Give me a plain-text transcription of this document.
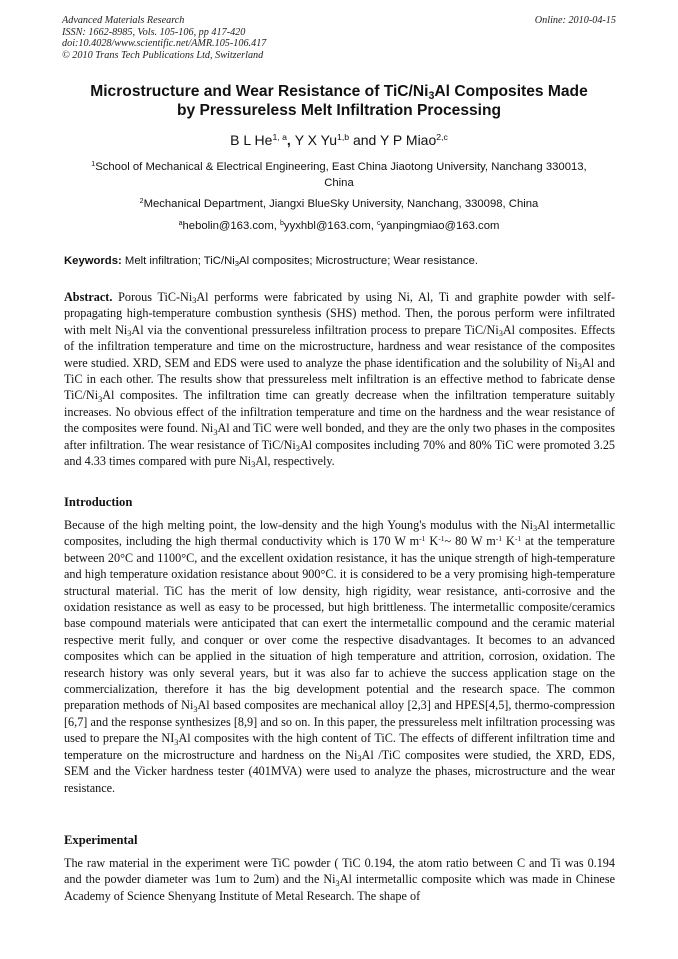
Advanced Materials Research
ISSN: 1662-8985, Vols. 105-106, pp 417-420
doi:10.4028/www.scientific.net/AMR.105-106.417
© 2010 Trans Tech Publications Ltd, Switzerland
Online: 2010-04-15
Microstructure and Wear Resistance of TiC/$Ni_3Al$ Composites Made
by Pressureless Melt Infiltration Processing
B L He$^{1, a}$, Y X Yu$^{1,b}$ and Y P Miao$^{2,c}$
$^1$School of Mechanical & Electrical Engineering, East China Jiaotong University, Nanchang 330013,
China
$^2$Mechanical Department, Jiangxi BlueSky University, Nanchang, 330098, China
$^a$hebolin@163.com, $^b$yyxhbl@163.com, $^c$yanpingmiao@163.com
Keywords: Melt infiltration; TiC/$Ni_3Al$ composites; Microstructure; Wear resistance.
Abstract. Porous TiC-$Ni_3Al$ performs were fabricated by using Ni, Al, Ti and graphite powder with self-propagating high-temperature combustion synthesis (SHS) method. Then, the porous perform were infiltrated with melt $Ni_3Al$ via the conventional pressureless infiltration process to prepare TiC/$Ni_3Al$ composites. Effects of the infiltration temperature and time on the microstructure, hardness and wear resistance of the composites were studied. XRD, SEM and EDS were used to analyze the phase identification and the solubility of $Ni_3Al$ and TiC in each other. The results show that pressureless melt infiltration is an effective method to fabricate dense TiC/$Ni_3Al$ composites. The infiltration time can greatly decrease when the infiltration temperature suitably increases. No obvious effect of the infiltration temperature and time on the hardness and the wear resistance of the composites were found. $Ni_3Al$ and TiC were well bonded, and they are the only two phases in the composites after infiltration. The wear resistance of TiC/$Ni_3Al$ composites including 70% and 80% TiC were promoted 3.25 and 4.33 times compared with pure $Ni_3Al$, respectively.
Introduction
Because of the high melting point, the low-density and the high Young's modulus with the $Ni_3Al$ intermetallic composites, including the high thermal conductivity which is 170 W $m^{-1}$ $K^{-1}\sim$ 80 W $m^{-1}$ $K^{-1}$ at the temperature between 20°C and 1100°C, and the excellent oxidation resistance, it has the unique strength of high-temperature and high temperature oxidation resistance about 900°C. it is considered to be a very promising high-temperature structural material. TiC has the merit of low density, high rigidity, wear resistance, anti-corrosive and the oxidation resistance as well as easy to be processed, but high brittleness. The intermetallic composite/ceramics base compound materials were anticipated that can exert the intermetallic compound and the ceramic material respective merit fully, and conquer or over come the respective disadvantages. It becomes to an advanced composites which can be applied in the situation of high temperature and attrition, corrosion, oxidation. The research history was only several years, but it was also far to achieve the success application stage on the commercialization, therefore it has the big development potential and the research space. The common preparation methods of $Ni_3Al$ based composites are mechanical alloy [2,3] and HPES[4,5], thermo-compression [6,7] and the response synthesizes [8,9] and so on. In this paper, the pressureless melt infiltration processing was used to prepare the $NI_3Al$ composites with the high content of TiC. The effects of different infiltration time and temperature on the microstructure and hardness on the $Ni_3Al$ /TiC composites were studied, the XRD, EDS, SEM and the Vicker hardness tester (401MVA) were used to analyze the phases, microstructure and the wear resistance.
Experimental
The raw material in the experiment were TiC powder ( TiC 0.194, the atom ratio between C and Ti was 0.194 and the powder diameter was 1um to 2um) and the $Ni_3Al$ intermetallic composite which was made in Chinese Academy of Science Shenyang Institute of Metal Research. The shape of
